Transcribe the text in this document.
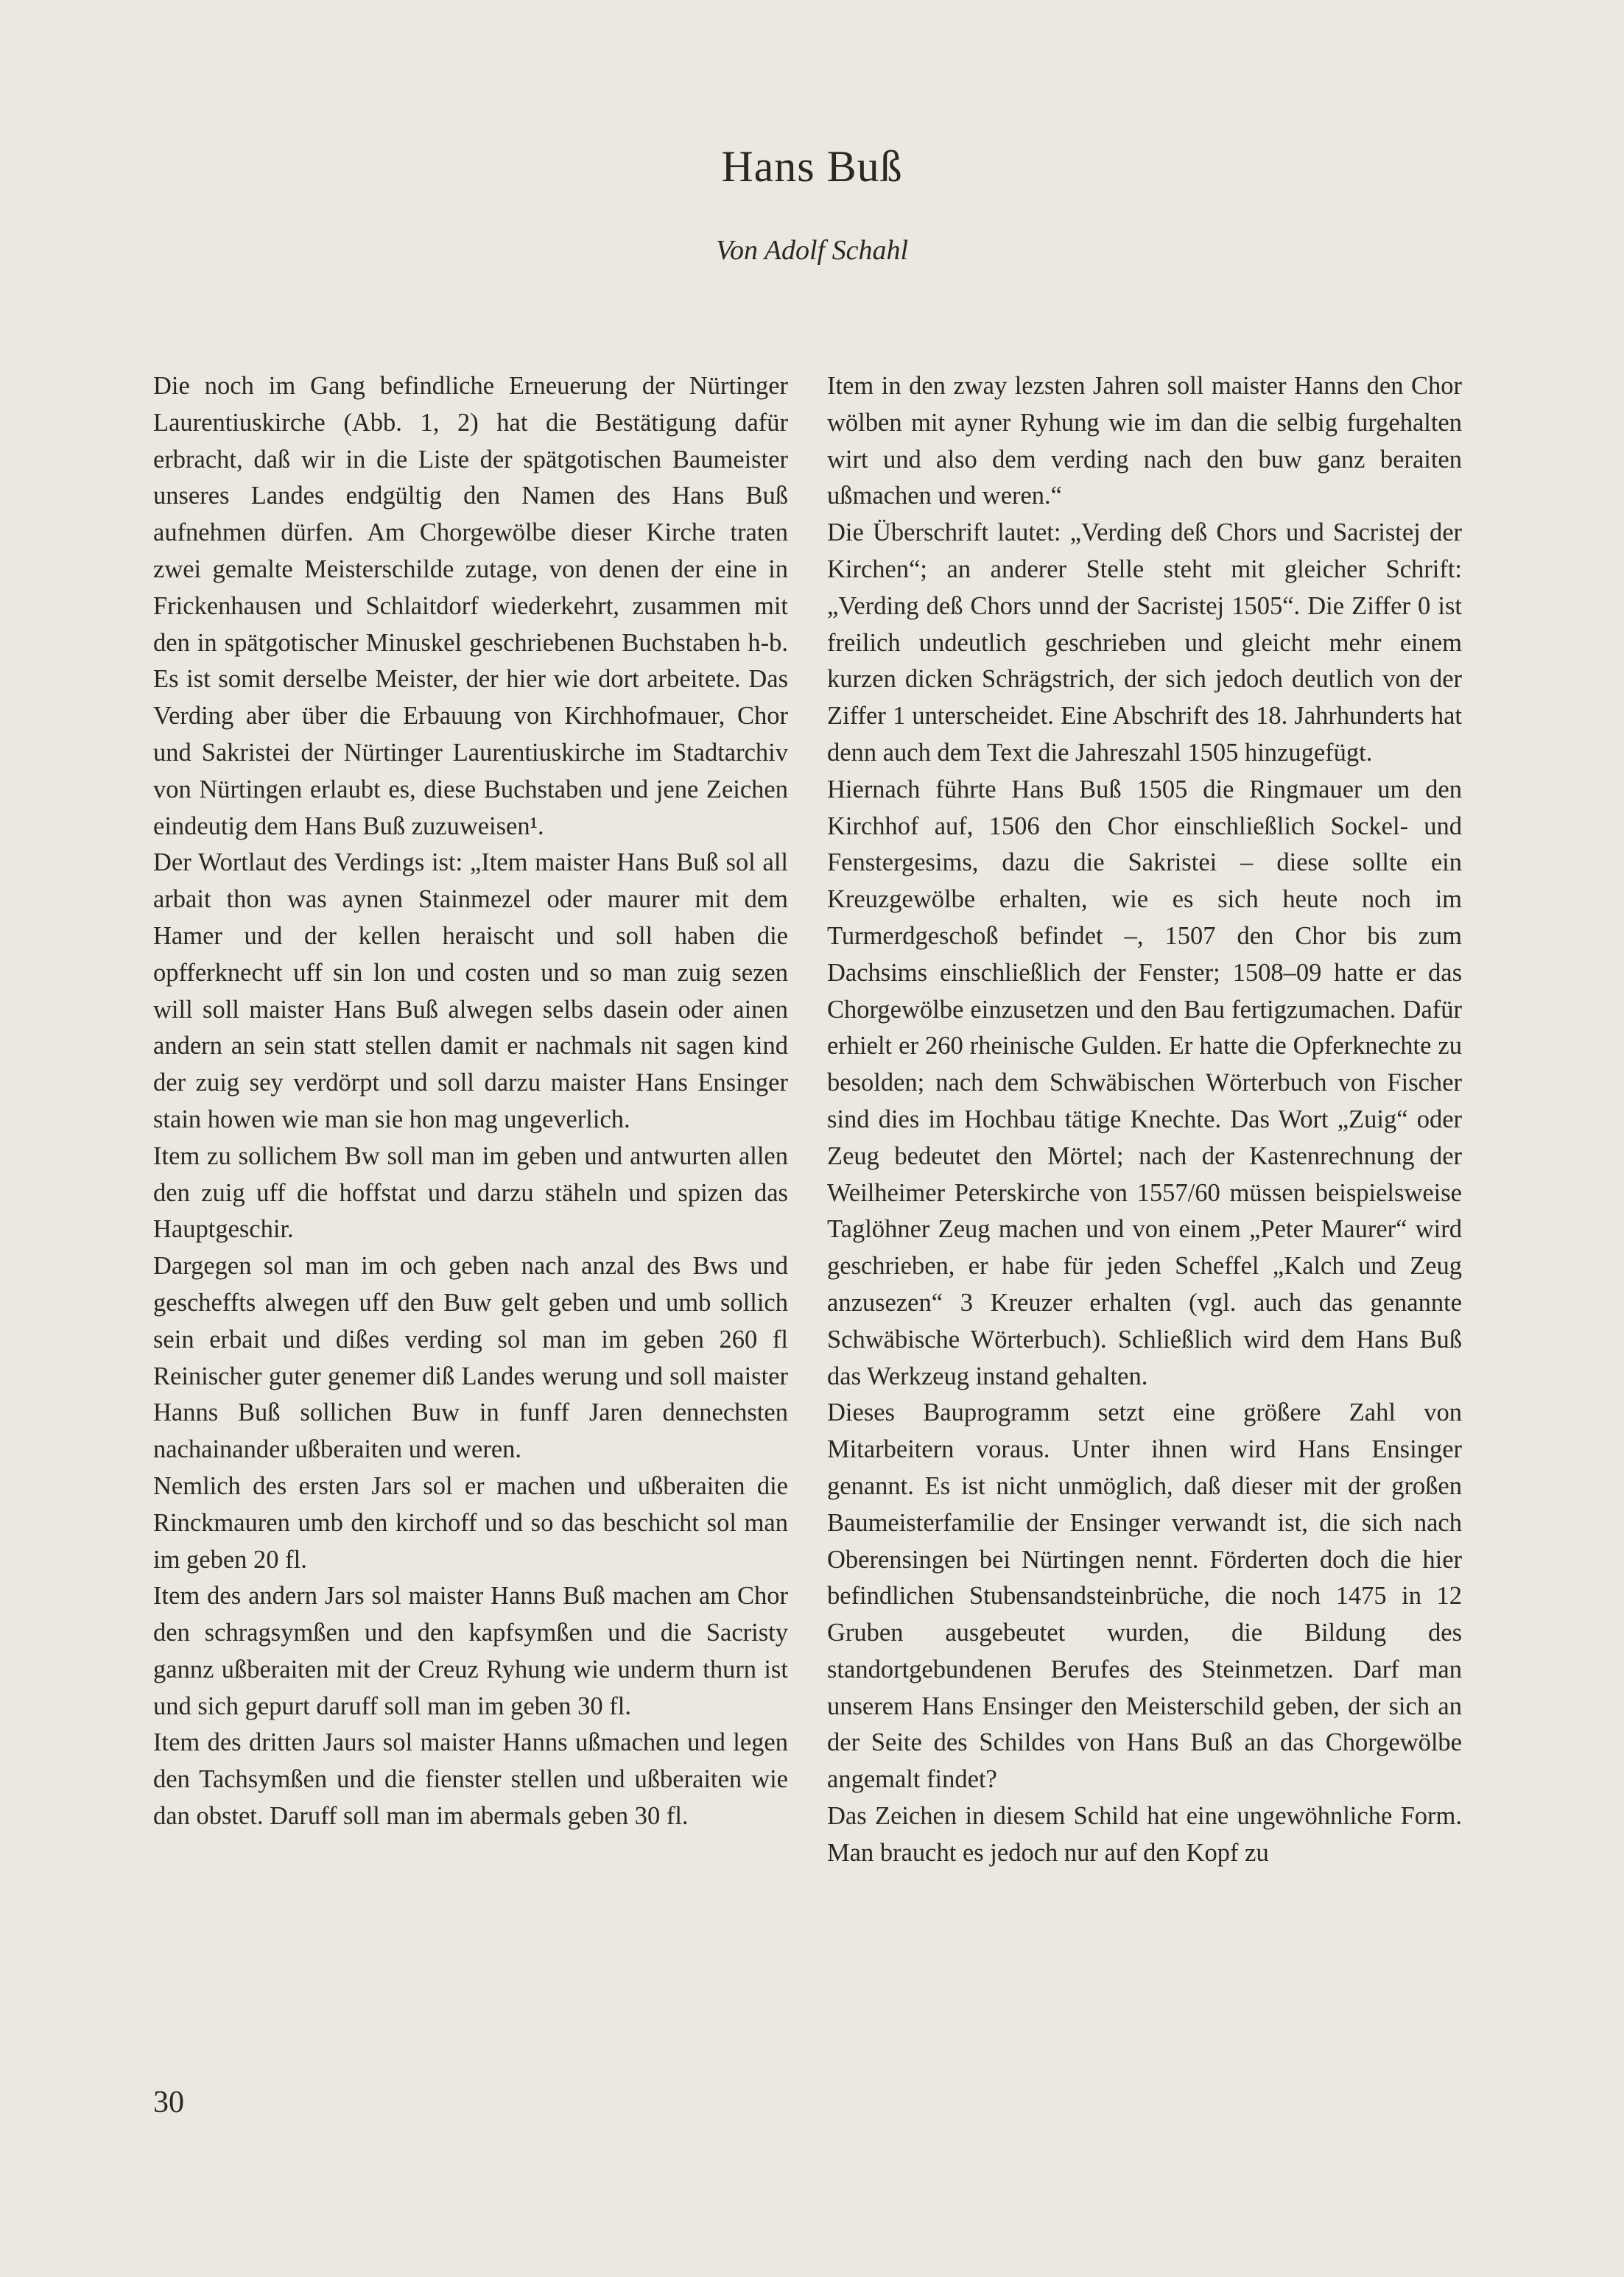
Hans Buß

Von Adolf Schahl

Die noch im Gang befindliche Erneuerung der Nürtinger Laurentiuskirche (Abb. 1, 2) hat die Bestätigung dafür erbracht, daß wir in die Liste der spätgotischen Baumeister unseres Landes endgültig den Namen des Hans Buß aufnehmen dürfen. Am Chorgewölbe dieser Kirche traten zwei gemalte Meisterschilde zutage, von denen der eine in Frickenhausen und Schlaitdorf wiederkehrt, zusammen mit den in spätgotischer Minuskel geschriebenen Buchstaben h-b. Es ist somit derselbe Meister, der hier wie dort arbeitete. Das Verding aber über die Erbauung von Kirchhofmauer, Chor und Sakristei der Nürtinger Laurentiuskirche im Stadtarchiv von Nürtingen erlaubt es, diese Buchstaben und jene Zeichen eindeutig dem Hans Buß zuzuweisen¹.

Der Wortlaut des Verdings ist: „Item maister Hans Buß sol all arbait thon was aynen Stainmezel oder maurer mit dem Hamer und der kellen heraischt und soll haben die opfferknecht uff sin lon und costen und so man zuig sezen will soll maister Hans Buß alwegen selbs dasein oder ainen andern an sein statt stellen damit er nachmals nit sagen kind der zuig sey verdörpt und soll darzu maister Hans Ensinger stain howen wie man sie hon mag ungeverlich.

Item zu sollichem Bw soll man im geben und antwurten allen den zuig uff die hoffstat und darzu stäheln und spizen das Hauptgeschir.

Dargegen sol man im och geben nach anzal des Bws und gescheffts alwegen uff den Buw gelt geben und umb sollich sein erbait und dißes verding sol man im geben 260 fl Reinischer guter genemer diß Landes werung und soll maister Hanns Buß sollichen Buw in funff Jaren dennechsten nachainander ußberaiten und weren.

Nemlich des ersten Jars sol er machen und ußberaiten die Rinckmauren umb den kirchoff und so das beschicht sol man im geben 20 fl.

Item des andern Jars sol maister Hanns Buß machen am Chor den schragsymßen und den kapfsymßen und die Sacristy gannz ußberaiten mit der Creuz Ryhung wie underm thurn ist und sich gepurt daruff soll man im geben 30 fl.

Item des dritten Jaurs sol maister Hanns ußmachen und legen den Tachsymßen und die fienster stellen und ußberaiten wie dan obstet. Daruff soll man im abermals geben 30 fl.

Item in den zway lezsten Jahren soll maister Hanns den Chor wölben mit ayner Ryhung wie im dan die selbig furgehalten wirt und also dem verding nach den buw ganz beraiten ußmachen und weren.“

Die Überschrift lautet: „Verding deß Chors und Sacristej der Kirchen“; an anderer Stelle steht mit gleicher Schrift: „Verding deß Chors unnd der Sacristej 1505“. Die Ziffer 0 ist freilich undeutlich geschrieben und gleicht mehr einem kurzen dicken Schrägstrich, der sich jedoch deutlich von der Ziffer 1 unterscheidet. Eine Abschrift des 18. Jahrhunderts hat denn auch dem Text die Jahreszahl 1505 hinzugefügt.

Hiernach führte Hans Buß 1505 die Ringmauer um den Kirchhof auf, 1506 den Chor einschließlich Sockel- und Fenstergesims, dazu die Sakristei – diese sollte ein Kreuzgewölbe erhalten, wie es sich heute noch im Turmerdgeschoß befindet –, 1507 den Chor bis zum Dachsims einschließlich der Fenster; 1508–09 hatte er das Chorgewölbe einzusetzen und den Bau fertigzumachen. Dafür erhielt er 260 rheinische Gulden. Er hatte die Opferknechte zu besolden; nach dem Schwäbischen Wörterbuch von Fischer sind dies im Hochbau tätige Knechte. Das Wort „Zuig“ oder Zeug bedeutet den Mörtel; nach der Kastenrechnung der Weilheimer Peterskirche von 1557/60 müssen beispielsweise Taglöhner Zeug machen und von einem „Peter Maurer“ wird geschrieben, er habe für jeden Scheffel „Kalch und Zeug anzusezen“ 3 Kreuzer erhalten (vgl. auch das genannte Schwäbische Wörterbuch). Schließlich wird dem Hans Buß das Werkzeug instand gehalten.

Dieses Bauprogramm setzt eine größere Zahl von Mitarbeitern voraus. Unter ihnen wird Hans Ensinger genannt. Es ist nicht unmöglich, daß dieser mit der großen Baumeisterfamilie der Ensinger verwandt ist, die sich nach Oberensingen bei Nürtingen nennt. Förderten doch die hier befindlichen Stubensandsteinbrüche, die noch 1475 in 12 Gruben ausgebeutet wurden, die Bildung des standortgebundenen Berufes des Steinmetzen. Darf man unserem Hans Ensinger den Meisterschild geben, der sich an der Seite des Schildes von Hans Buß an das Chorgewölbe angemalt findet?

Das Zeichen in diesem Schild hat eine ungewöhnliche Form. Man braucht es jedoch nur auf den Kopf zu

30
